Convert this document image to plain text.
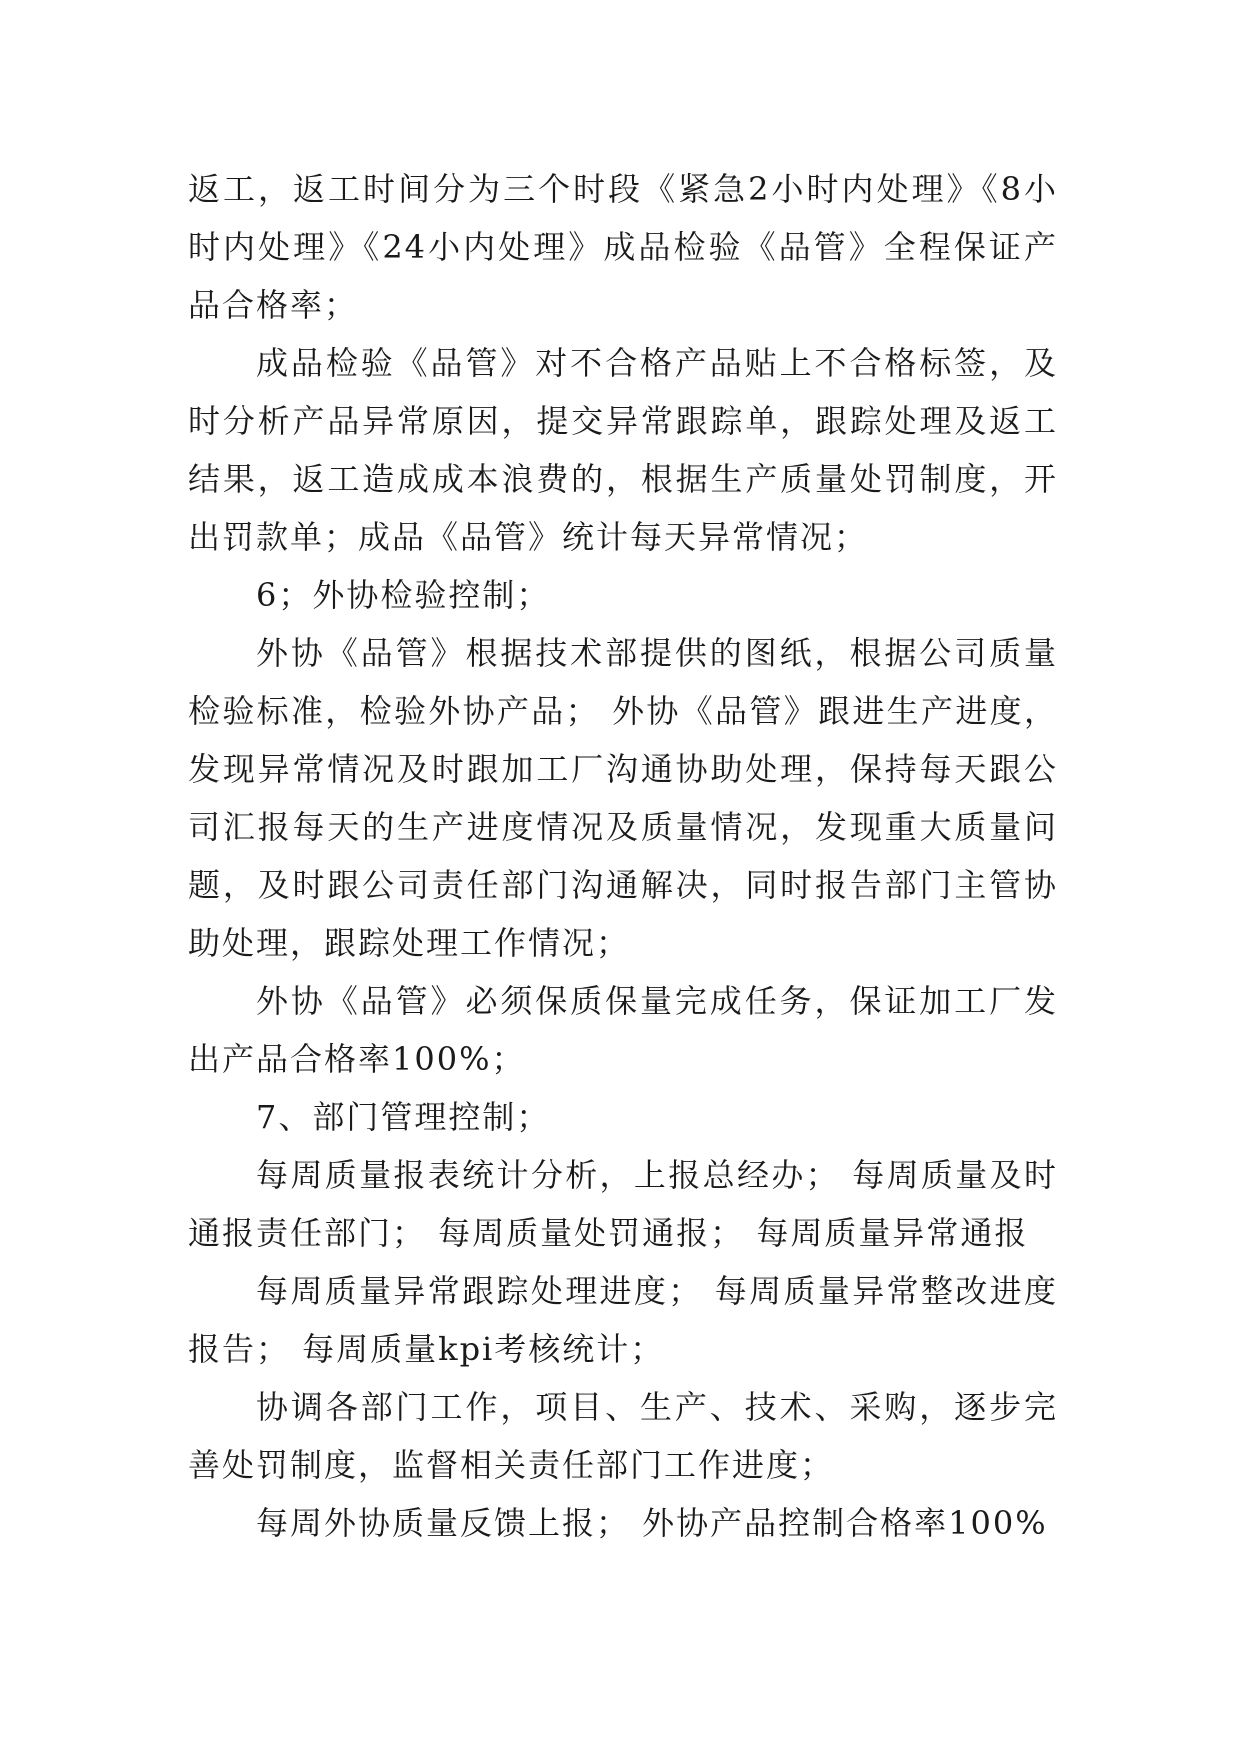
返工，返工时间分为三个时段《紧急2小时内处理》《8小时内处理》《24小内处理》成品检验《品管》全程保证产品合格率；

成品检验《品管》对不合格产品贴上不合格标签，及时分析产品异常原因，提交异常跟踪单，跟踪处理及返工结果，返工造成成本浪费的，根据生产质量处罚制度，开出罚款单；成品《品管》统计每天异常情况；

6；外协检验控制；

外协《品管》根据技术部提供的图纸，根据公司质量检验标准，检验外协产品； 外协《品管》跟进生产进度，发现异常情况及时跟加工厂沟通协助处理，保持每天跟公司汇报每天的生产进度情况及质量情况，发现重大质量问题，及时跟公司责任部门沟通解决，同时报告部门主管协助处理，跟踪处理工作情况；

外协《品管》必须保质保量完成任务，保证加工厂发出产品合格率100%；

7、部门管理控制；

每周质量报表统计分析，上报总经办； 每周质量及时通报责任部门； 每周质量处罚通报； 每周质量异常通报

每周质量异常跟踪处理进度； 每周质量异常整改进度报告； 每周质量kpi考核统计；

协调各部门工作，项目、生产、技术、采购，逐步完善处罚制度，监督相关责任部门工作进度；

每周外协质量反馈上报； 外协产品控制合格率100%
